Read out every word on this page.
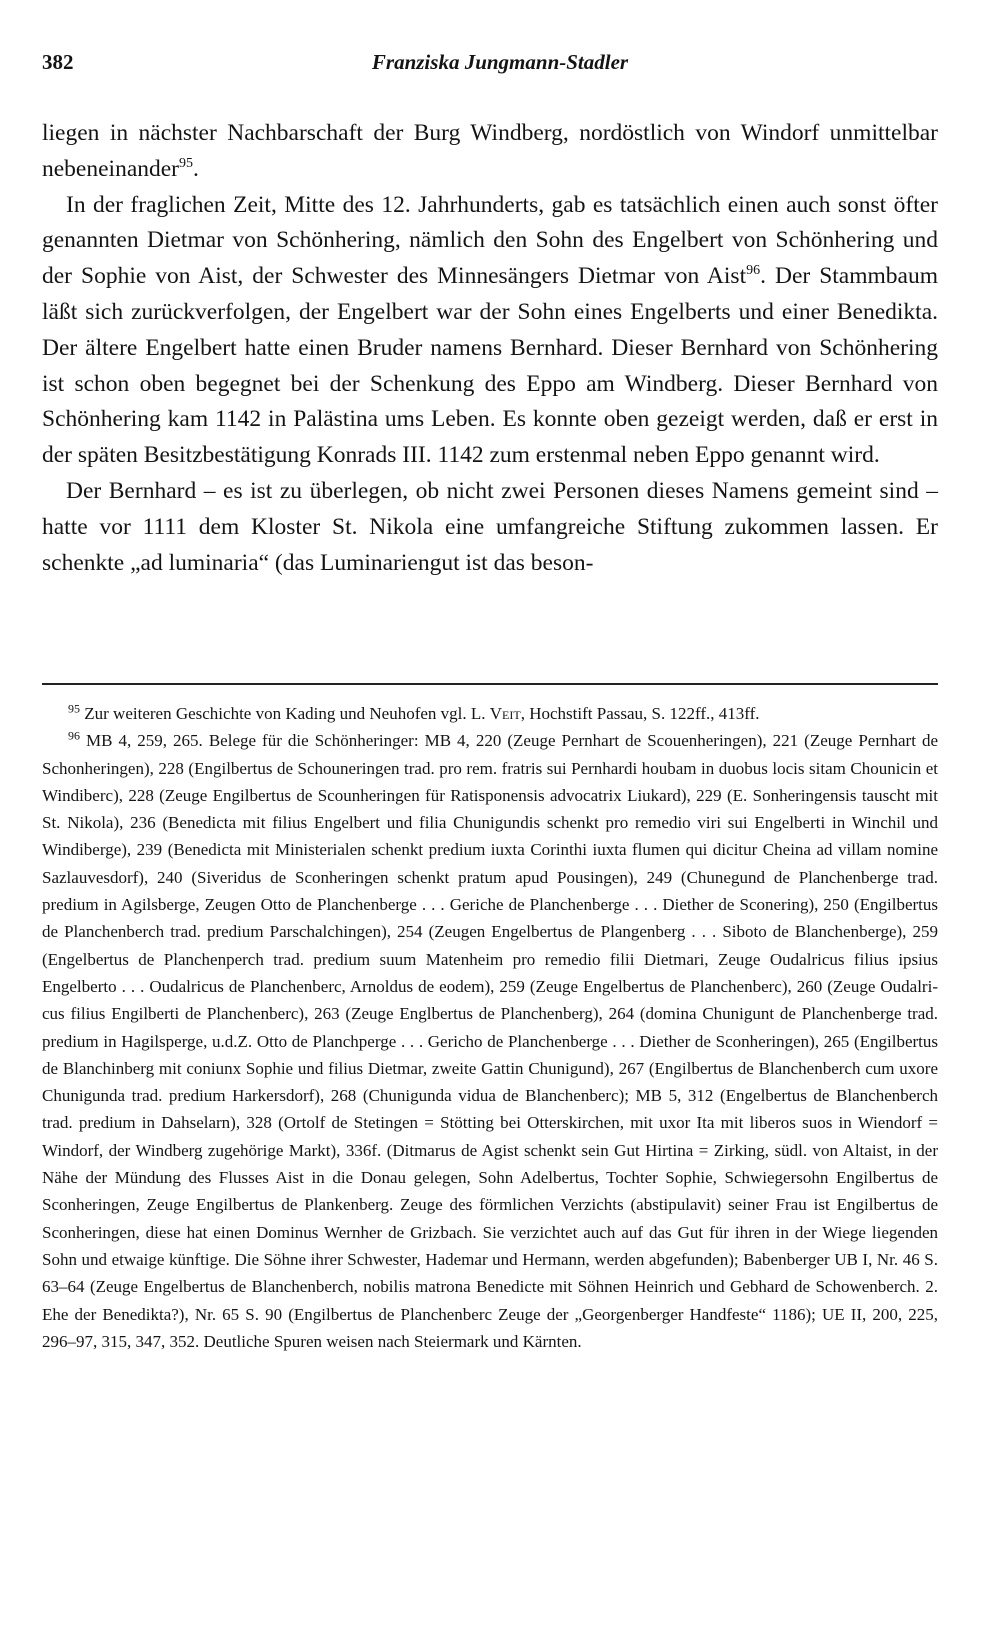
382	Franziska Jungmann-Stadler

liegen in nächster Nachbarschaft der Burg Windberg, nordöstlich von Windorf unmittelbar nebeneinander$^{95}$.

In der fraglichen Zeit, Mitte des 12. Jahrhunderts, gab es tatsächlich einen auch sonst öfter genannten Dietmar von Schönhering, nämlich den Sohn des Engelbert von Schönhering und der Sophie von Aist, der Schwester des Minnesängers Dietmar von Aist$^{96}$. Der Stammbaum läßt sich zurückverfolgen, der Engelbert war der Sohn eines Engelberts und einer Benedikta. Der ältere Engelbert hatte einen Bruder namens Bernhard. Dieser Bernhard von Schönhering ist schon oben begegnet bei der Schenkung des Eppo am Windberg. Dieser Bernhard von Schönhering kam 1142 in Palästina ums Leben. Es konnte oben gezeigt werden, daß er erst in der späten Besitzbestätigung Konrads III. 1142 zum erstenmal neben Eppo genannt wird.

Der Bernhard – es ist zu überlegen, ob nicht zwei Personen dieses Namens gemeint sind – hatte vor 1111 dem Kloster St. Nikola eine umfangreiche Stiftung zukommen lassen. Er schenkte „ad luminaria“ (das Luminariengut ist das beson-

$^{95}$ Zur weiteren Geschichte von Kading und Neuhofen vgl. L. Veit, Hochstift Passau, S. 122ff., 413ff.

$^{96}$ MB 4, 259, 265. Belege für die Schönheringer: MB 4, 220 (Zeuge Pernhart de Scouenheringen), 221 (Zeuge Pernhart de Schonheringen), 228 (Engilbertus de Schouneringen trad. pro rem. fratris sui Pernhardi houbam in duobus locis sitam Chounicin et Windiberc), 228 (Zeuge Engilbertus de Scounheringen für Ratisponensis advocatrix Liukard), 229 (E. Sonheringensis tauscht mit St. Nikola), 236 (Benedicta mit filius Engelbert und filia Chunigundis schenkt pro remedio viri sui Engelberti in Winchil und Windiberge), 239 (Benedicta mit Ministerialen schenkt predium iuxta Corinthi iuxta flumen qui dicitur Cheina ad villam nomine Sazlauvesdorf), 240 (Siveridus de Sconheringen schenkt pratum apud Pousingen), 249 (Chunegund de Planchenberge trad. predium in Agilsberge, Zeugen Otto de Planchenberge . . . Geriche de Planchenberge . . . Diether de Sconering), 250 (Engilbertus de Planchenberch trad. predium Parschalchingen), 254 (Zeugen Engelbertus de Plangenberg . . . Siboto de Blanchenberge), 259 (Engelbertus de Planchenperch trad. predium suum Matenheim pro remedio filii Dietmari, Zeuge Oudalricus filius ipsius Engelberto . . . Oudalricus de Planchenberc, Arnoldus de eodem), 259 (Zeuge Engelbertus de Planchenberc), 260 (Zeuge Oudalricus filius Engilberti de Planchenberc), 263 (Zeuge Englbertus de Planchenberg), 264 (domina Chunigunt de Planchenberge trad. predium in Hagilsperge, u.d.Z. Otto de Planchperge . . . Gericho de Planchenberge . . . Diether de Sconheringen), 265 (Engilbertus de Blanchinberg mit coniunx Sophie und filius Dietmar, zweite Gattin Chunigund), 267 (Engilbertus de Blanchenberch cum uxore Chunigunda trad. predium Harkersdorf), 268 (Chunigunda vidua de Blanchenberc); MB 5, 312 (Engelbertus de Blanchenberch trad. predium in Dahselarn), 328 (Ortolf de Stetingen = Stötting bei Otterskirchen, mit uxor Ita mit liberos suos in Wiendorf = Windorf, der Windberg zugehörige Markt), 336f. (Ditmarus de Agist schenkt sein Gut Hirtina = Zirking, südl. von Altaist, in der Nähe der Mündung des Flusses Aist in die Donau gelegen, Sohn Adelbertus, Tochter Sophie, Schwiegersohn Engilbertus de Sconheringen, Zeuge Engilbertus de Plankenberg. Zeuge des förmlichen Verzichts (abstipulavit) seiner Frau ist Engilbertus de Sconheringen, diese hat einen Dominus Wernher de Grizbach. Sie verzichtet auch auf das Gut für ihren in der Wiege liegenden Sohn und etwaige künftige. Die Söhne ihrer Schwester, Hademar und Hermann, werden abgefunden); Babenberger UB I, Nr. 46 S. 63–64 (Zeuge Engelbertus de Blanchenberch, nobilis matrona Benedicte mit Söhnen Heinrich und Gebhard de Schowenberch. 2. Ehe der Benedikta?), Nr. 65 S. 90 (Engilbertus de Planchenberc Zeuge der „Georgenberger Handfeste“ 1186); UE II, 200, 225, 296–97, 315, 347, 352. Deutliche Spuren weisen nach Steiermark und Kärnten.
